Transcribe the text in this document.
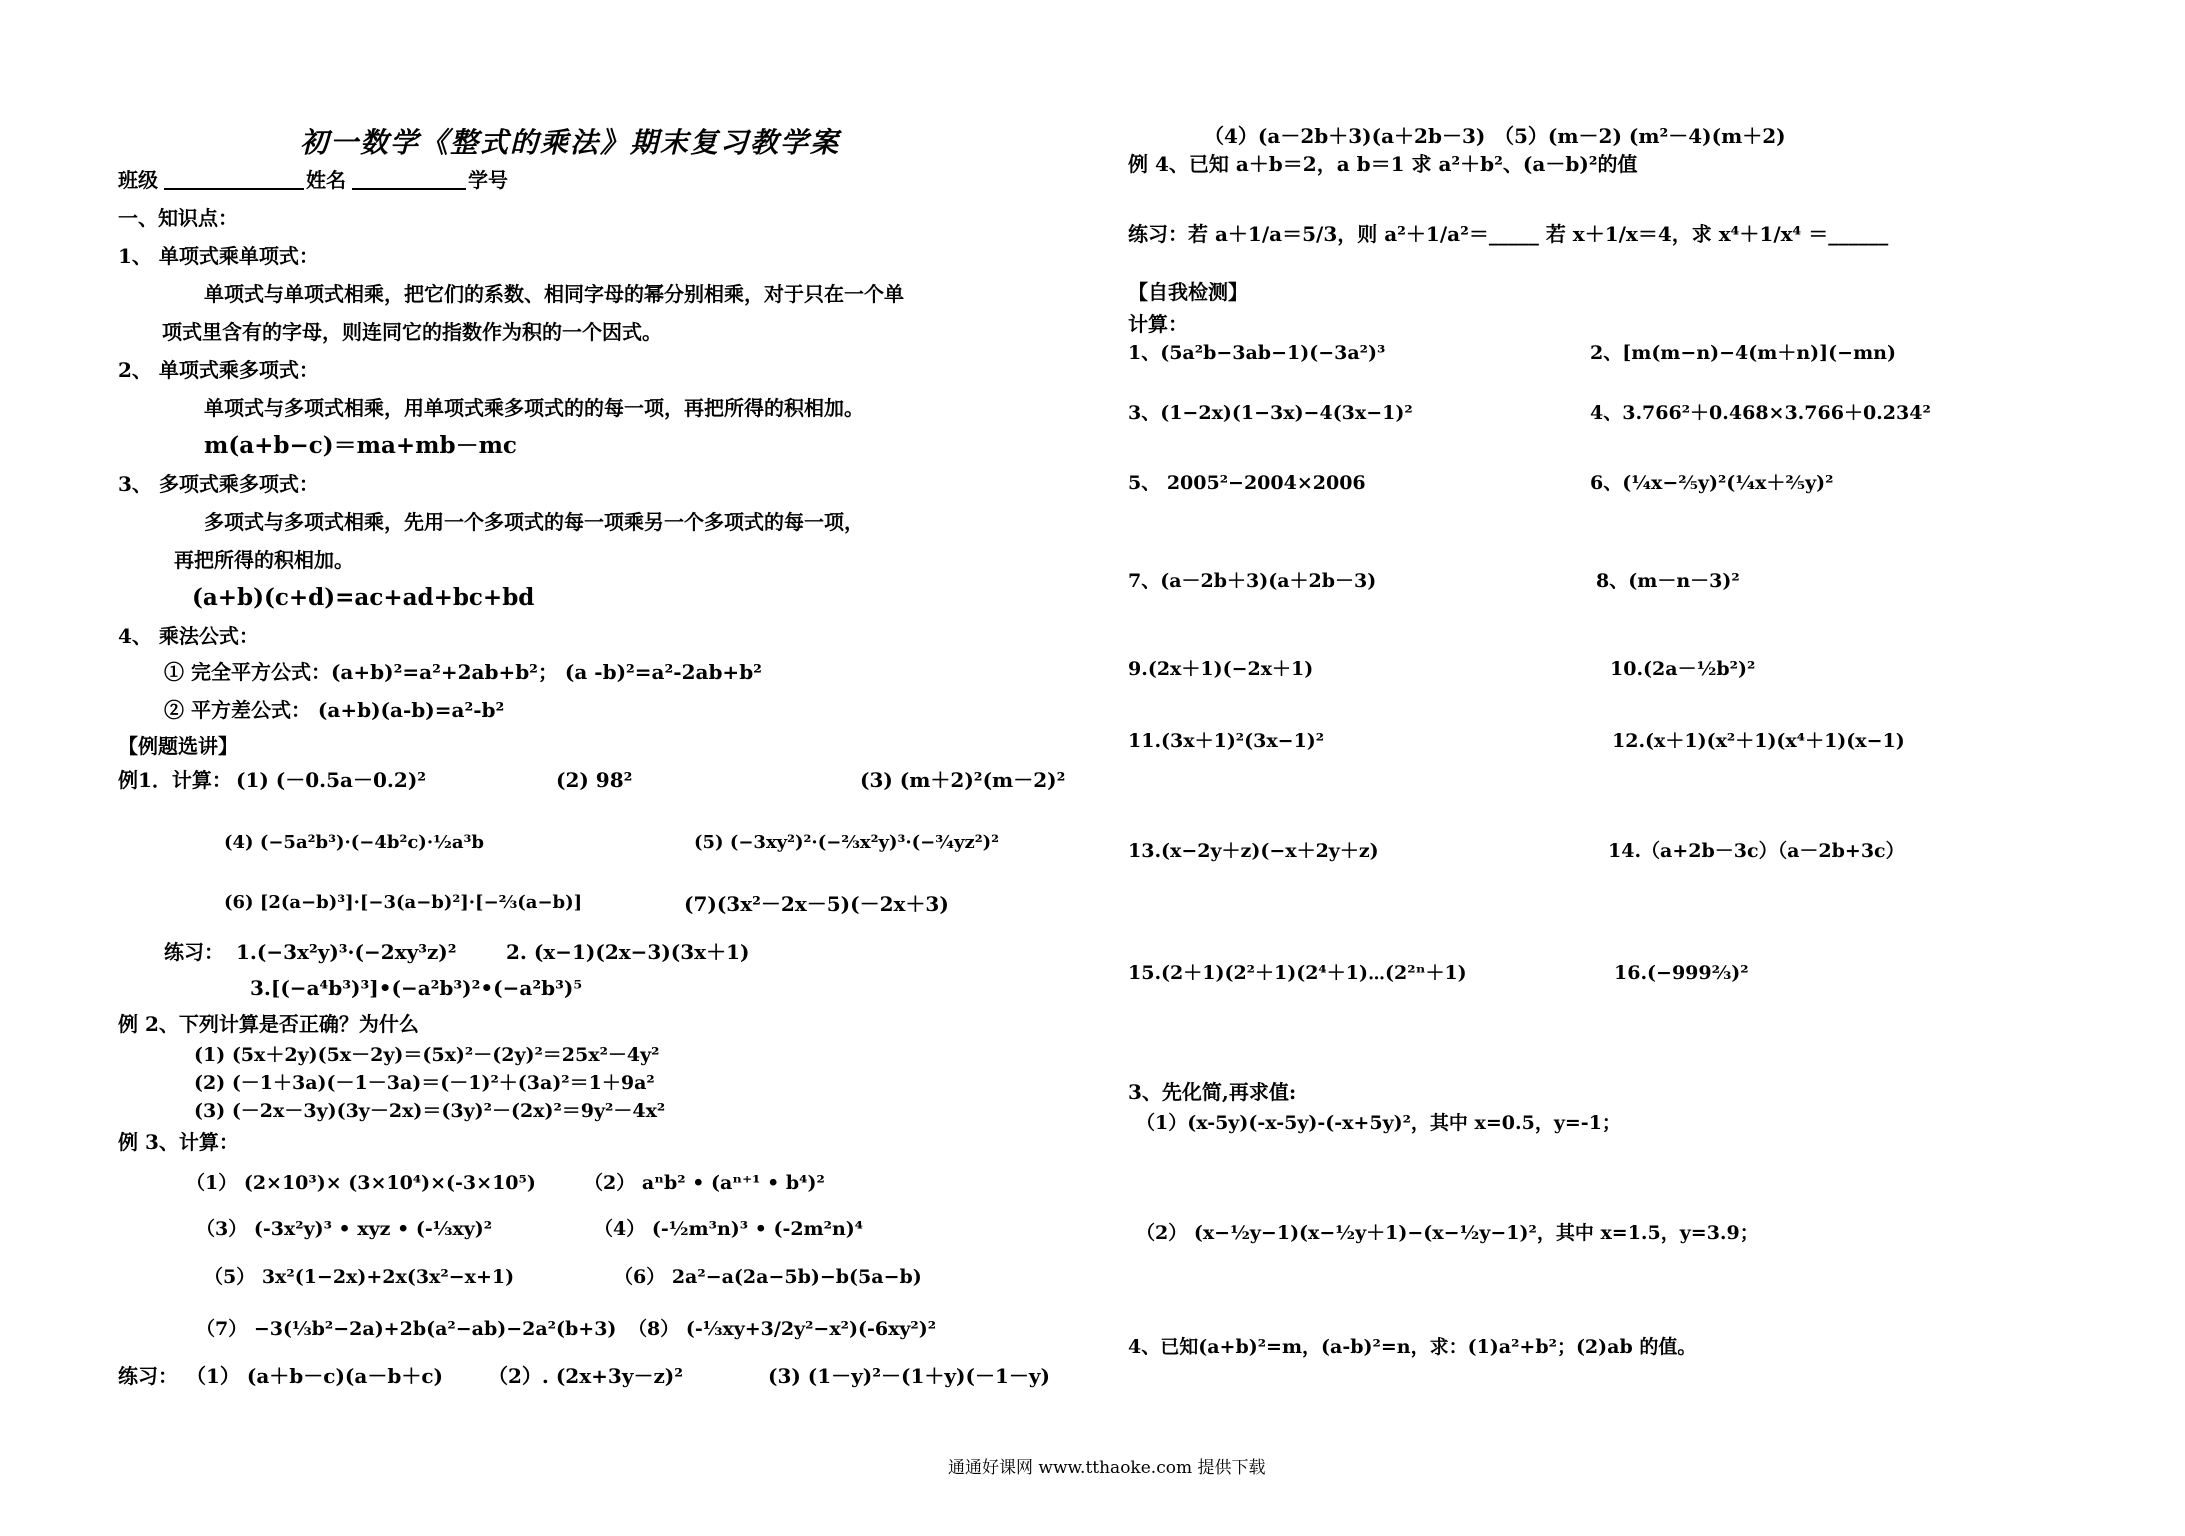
初一数学《整式的乘法》期末复习教学案
班级	姓名	学号
一、知识点：
1、 单项式乘单项式：
单项式与单项式相乘，把它们的系数、相同字母的幂分别相乘，对于只在一个单
项式里含有的字母，则连同它的指数作为积的一个因式。
2、 单项式乘多项式：
单项式与多项式相乘，用单项式乘多项式的的每一项，再把所得的积相加。
m(a+b−c)＝ma+mb－mc
3、 多项式乘多项式：
多项式与多项式相乘，先用一个多项式的每一项乘另一个多项式的每一项，
再把所得的积相加。
(a+b)(c+d)=ac+ad+bc+bd
4、 乘法公式：
① 完全平方公式：(a+b)²=a²+2ab+b²； (a -b)²=a²-2ab+b²
② 平方差公式： (a+b)(a-b)=a²-b²
【例题选讲】
例1．计算： (1) (－0.5a－0.2)²	(2) 98²	(3) (m＋2)²(m－2)²
(4) (−5a²b³)·(−4b²c)·½a³b	(5) (−3xy²)²·(−⅔x²y)³·(−¾yz²)²
(6) [2(a−b)³]·[−3(a−b)²]·[−⅔(a−b)]	(7)(3x²－2x－5)(－2x＋3)
练习： 1.(−3x²y)³·(−2xy³z)² 2. (x−1)(2x−3)(3x＋1)
3.[(−a⁴b³)³]•(−a²b³)²•(−a²b³)⁵
例 2、下列计算是否正确？为什么
(1) (5x＋2y)(5x－2y)＝(5x)²－(2y)²＝25x²－4y²
(2) (－1＋3a)(－1－3a)＝(－1)²＋(3a)²＝1＋9a²
(3) (－2x－3y)(3y－2x)＝(3y)²－(2x)²＝9y²－4x²
例 3、计算：
（1） (2×10³)× (3×10⁴)×(-3×10⁵)	（2） aⁿb² • (aⁿ⁺¹ • b⁴)²
（3） (-3x²y)³ • xyz • (-⅓xy)²	（4） (-½m³n)³ • (-2m²n)⁴
（5） 3x²(1−2x)+2x(3x²−x+1)	（6） 2a²−a(2a−5b)−b(5a−b)
（7） −3(⅓b²−2a)+2b(a²−ab)−2a²(b+3) （8） (-⅓xy+3/2y²−x²)(-6xy²)²
练习： （1） (a＋b－c)(a－b＋c) （2）. (2x+3y－z)²	(3) (1－y)²－(1＋y)(－1－y)
（4）(a－2b＋3)(a＋2b－3) （5）(m－2) (m²－4)(m＋2)
例 4、已知 a＋b＝2，a b＝1 求 a²＋b²、(a－b)²的值
练习：若 a＋1/a＝5/3，则 a²＋1/a²＝_____ 若 x＋1/x＝4，求 x⁴＋1/x⁴ ＝______
【自我检测】
计算：
1、(5a²b−3ab−1)(−3a²)³	2、[m(m−n)−4(m＋n)](−mn)
3、(1−2x)(1−3x)−4(3x−1)²	4、3.766²＋0.468×3.766＋0.234²
5、 2005²−2004×2006	6、(¼x−⅖y)²(¼x＋⅖y)²
7、(a－2b＋3)(a＋2b－3)	8、(m－n－3)²
9.(2x＋1)(−2x＋1)	10.(2a－½b²)²
11.(3x＋1)²(3x−1)²	12.(x＋1)(x²＋1)(x⁴＋1)(x−1)
13.(x−2y＋z)(−x＋2y＋z)	14.（a+2b－3c）（a－2b+3c）
15.(2＋1)(2²＋1)(2⁴＋1)⋯(2²ⁿ＋1)	16.(−999⅔)²
3、先化简,再求值:
（1）(x-5y)(-x-5y)-(-x+5y)²，其中 x=0.5，y=-1；
（2） (x−½y−1)(x−½y＋1)−(x−½y−1)²，其中 x=1.5，y=3.9；
4、已知(a+b)²=m，(a-b)²=n，求：(1)a²+b²；(2)ab 的值。
通通好课网 www.tthaoke.com 提供下载
